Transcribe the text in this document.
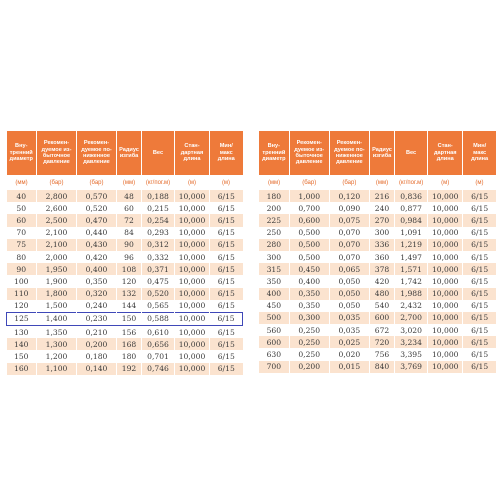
Вну-
тренний
диаметр	Рекомен-
дуемое из-
быточное
давление	Рекомен-
дуемое по-
ниженное
давление	Радиус
изгиба	Вес	Стан-
дартная
длина	Мин/
макс
длина
(мм)	(бар)	(бар)	(мм)	(кг/пог.м)	(м)	(м)
40	2,800	0,570	48	0,188	10,000	6/15
50	2,600	0,520	60	0,215	10,000	6/15
60	2,500	0,470	72	0,254	10,000	6/15
70	2,100	0,440	84	0,293	10,000	6/15
75	2,100	0,430	90	0,312	10,000	6/15
80	2,000	0,420	96	0,332	10,000	6/15
90	1,950	0,400	108	0,371	10,000	6/15
100	1,900	0,350	120	0,475	10,000	6/15
110	1,800	0,320	132	0,520	10,000	6/15
120	1,500	0,240	144	0,565	10,000	6/15
125	1,400	0,230	150	0,588	10,000	6/15
130	1,350	0,210	156	0,610	10,000	6/15
140	1,300	0,200	168	0,656	10,000	6/15
150	1,200	0,180	180	0,701	10,000	6/15
160	1,100	0,140	192	0,746	10,000	6/15
Вну-
тренний
диаметр	Рекомен-
дуемое из-
быточное
давление	Рекомен-
дуемое по-
ниженное
давление	Радиус
изгиба	Вес	Стан-
дартная
длина	Мин/
макс
длина
(мм)	(бар)	(бар)	(мм)	(кг/пог.м)	(м)	(м)
180	1,000	0,120	216	0,836	10,000	6/15
200	0,700	0,090	240	0,877	10,000	6/15
225	0,600	0,075	270	0,984	10,000	6/15
250	0,500	0,070	300	1,091	10,000	6/15
280	0,500	0,070	336	1,219	10,000	6/15
300	0,500	0,070	360	1,497	10,000	6/15
315	0,450	0,065	378	1,571	10,000	6/15
350	0,400	0,050	420	1,742	10,000	6/15
400	0,350	0,050	480	1,988	10,000	6/15
450	0,350	0,050	540	2,432	10,000	6/15
500	0,300	0,035	600	2,700	10,000	6/15
560	0,250	0,035	672	3,020	10,000	6/15
600	0,250	0,025	720	3,234	10,000	6/15
630	0,250	0,020	756	3,395	10,000	6/15
700	0,200	0,015	840	3,769	10,000	6/15
